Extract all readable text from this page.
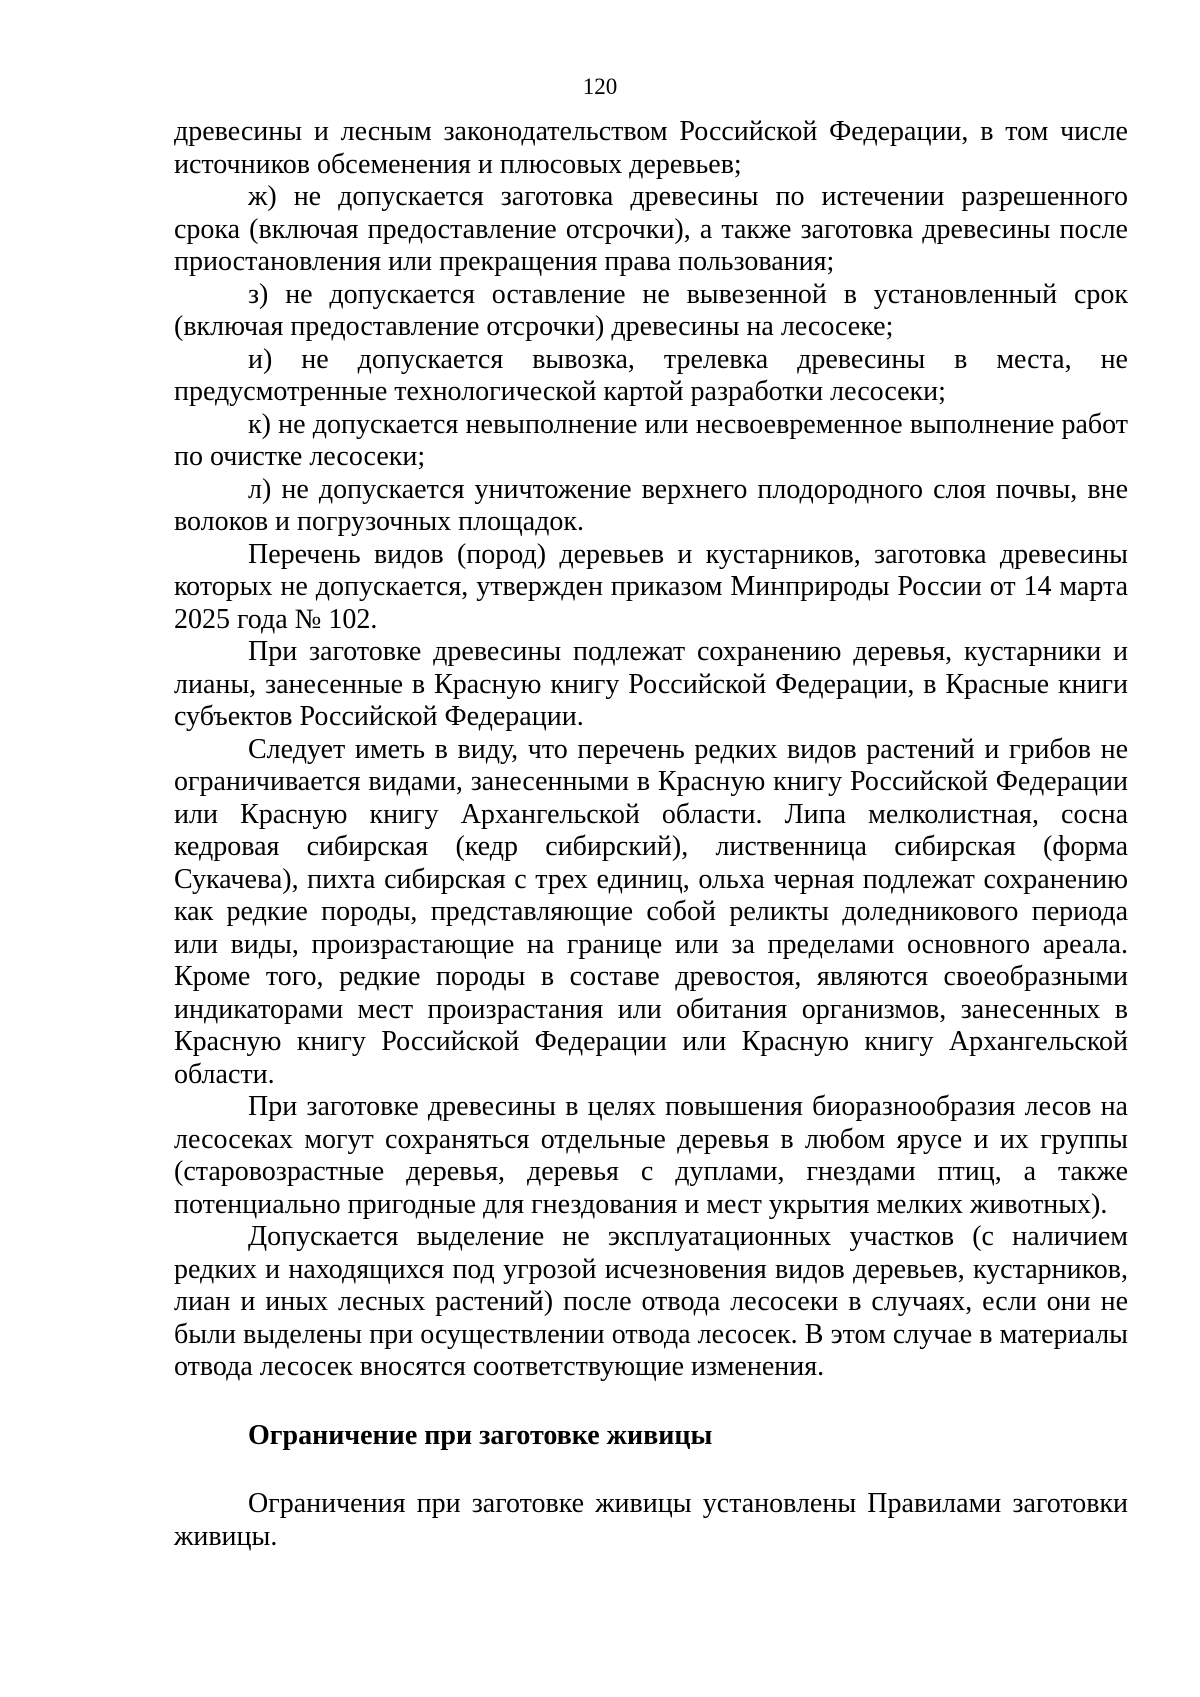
120

древесины и лесным законодательством Российской Федерации, в том числе источников обсеменения и плюсовых деревьев;

ж) не допускается заготовка древесины по истечении разрешенного срока (включая предоставление отсрочки), а также заготовка древесины после приостановления или прекращения права пользования;

з) не допускается оставление не вывезенной в установленный срок (включая предоставление отсрочки) древесины на лесосеке;

и) не допускается вывозка, трелевка древесины в места, не предусмотренные технологической картой разработки лесосеки;

к) не допускается невыполнение или несвоевременное выполнение работ по очистке лесосеки;

л) не допускается уничтожение верхнего плодородного слоя почвы, вне волоков и погрузочных площадок.

Перечень видов (пород) деревьев и кустарников, заготовка древесины которых не допускается, утвержден приказом Минприроды России от 14 марта 2025 года № 102.

При заготовке древесины подлежат сохранению деревья, кустарники и лианы, занесенные в Красную книгу Российской Федерации, в Красные книги субъектов Российской Федерации.

Следует иметь в виду, что перечень редких видов растений и грибов не ограничивается видами, занесенными в Красную книгу Российской Федерации или Красную книгу Архангельской области. Липа мелколистная, сосна кедровая сибирская (кедр сибирский), лиственница сибирская (форма Сукачева), пихта сибирская с трех единиц, ольха черная подлежат сохранению как редкие породы, представляющие собой реликты доледникового периода или виды, произрастающие на границе или за пределами основного ареала. Кроме того, редкие породы в составе древостоя, являются своеобразными индикаторами мест произрастания или обитания организмов, занесенных в Красную книгу Российской Федерации или Красную книгу Архангельской области.

При заготовке древесины в целях повышения биоразнообразия лесов на лесосеках могут сохраняться отдельные деревья в любом ярусе и их группы (старовозрастные деревья, деревья с дуплами, гнездами птиц, а также потенциально пригодные для гнездования и мест укрытия мелких животных).

Допускается выделение не эксплуатационных участков (с наличием редких и находящихся под угрозой исчезновения видов деревьев, кустарников, лиан и иных лесных растений) после отвода лесосеки в случаях, если они не были выделены при осуществлении отвода лесосек. В этом случае в материалы отвода лесосек вносятся соответствующие изменения.

Ограничение при заготовке живицы

Ограничения при заготовке живицы установлены Правилами заготовки живицы.
